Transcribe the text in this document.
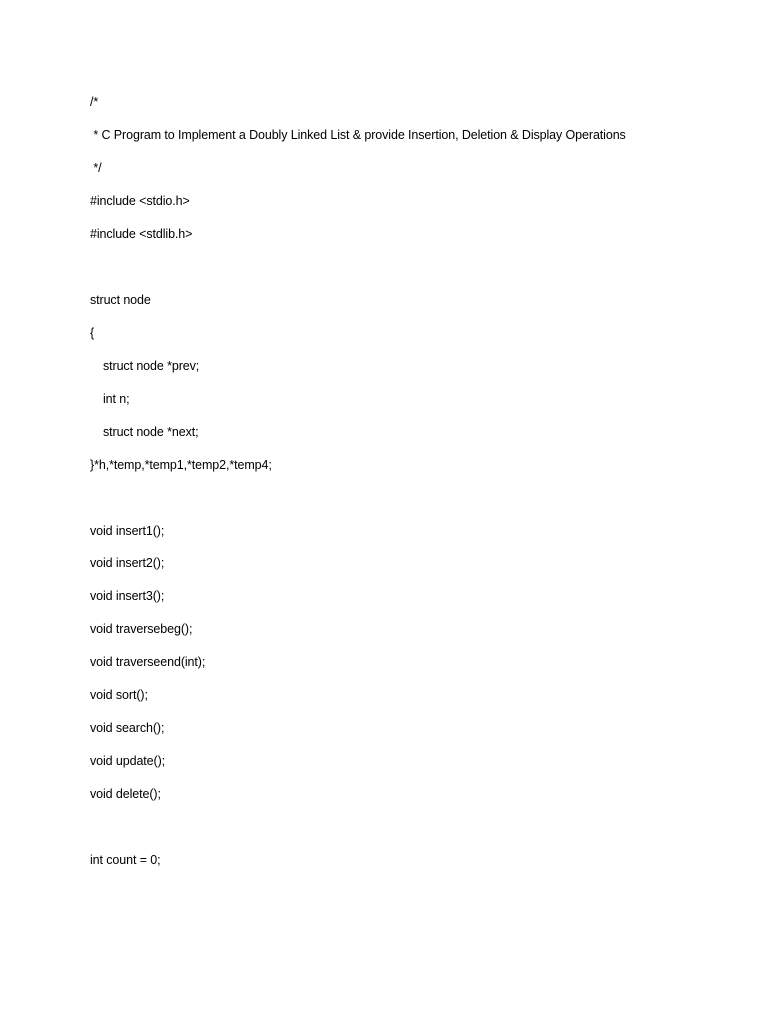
/*
* C Program to Implement a Doubly Linked List & provide Insertion, Deletion & Display Operations
*/
#include <stdio.h>
#include <stdlib.h>
struct node
{
struct node *prev;
int n;
struct node *next;
}*h,*temp,*temp1,*temp2,*temp4;
void insert1();
void insert2();
void insert3();
void traversebeg();
void traverseend(int);
void sort();
void search();
void update();
void delete();
int count = 0;
